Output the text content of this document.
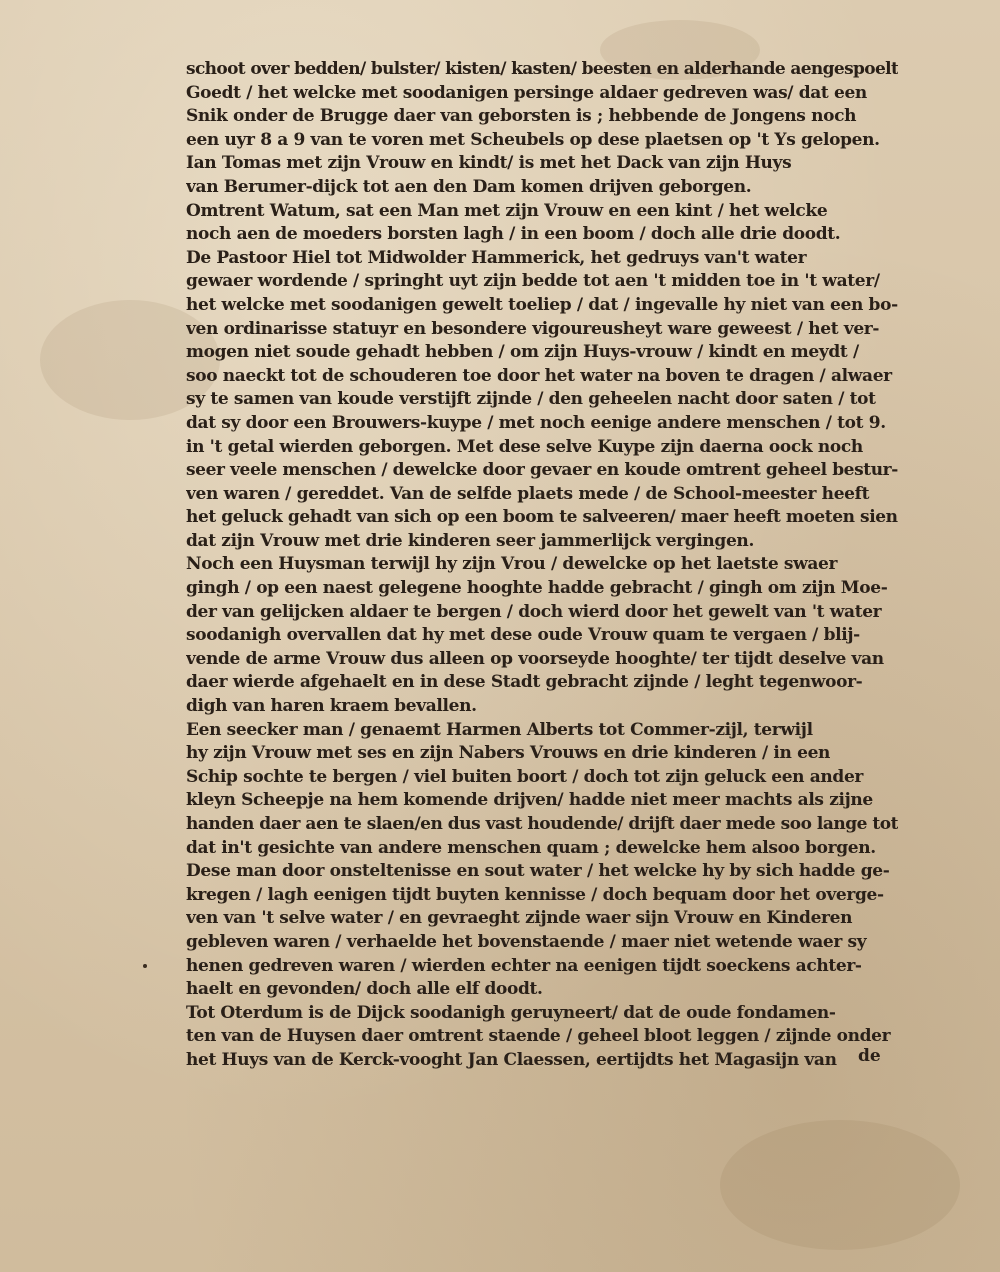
schoot over bedden/ bulster/ kisten/ kasten/ beesten en alderhande aengespoelt
Goedt / het welcke met soodanigen persinge aldaer gedreven was/ dat een
Snik onder de Brugge daer van geborsten is ; hebbende de Jongens noch
een uyr 8 a 9 van te voren met Scheubels op dese plaetsen op 't Ys gelopen.
Ian Tomas met zijn Vrouw en kindt/ is met het Dack van zijn Huys
van Berumer-dijck tot aen den Dam komen drijven geborgen.
Omtrent Watum, sat een Man met zijn Vrouw en een kint / het welcke
noch aen de moeders borsten lagh / in een boom / doch alle drie doodt.
De Pastoor Hiel tot Midwolder Hammerick, het gedruys van't water
gewaer wordende / springht uyt zijn bedde tot aen 't midden toe in 't water/
het welcke met soodanigen gewelt toeliep / dat / ingevalle hy niet van een bo-
ven ordinarisse statuyr en besondere vigoureusheyt ware geweest / het ver-
mogen niet soude gehadt hebben / om zijn Huys-vrouw / kindt en meydt /
soo naeckt tot de schouderen toe door het water na boven te dragen / alwaer
sy te samen van koude verstijft zijnde / den geheelen nacht door saten / tot
dat sy door een Brouwers-kuype / met noch eenige andere menschen / tot 9.
in 't getal wierden geborgen. Met dese selve Kuype zijn daerna oock noch
seer veele menschen / dewelcke door gevaer en koude omtrent geheel bestur-
ven waren / gereddet. Van de selfde plaets mede / de School-meester heeft
het geluck gehadt van sich op een boom te salveeren/ maer heeft moeten sien
dat zijn Vrouw met drie kinderen seer jammerlijck vergingen.
Noch een Huysman terwijl hy zijn Vrou / dewelcke op het laetste swaer
gingh / op een naest gelegene hooghte hadde gebracht / gingh om zijn Moe-
der van gelijcken aldaer te bergen / doch wierd door het gewelt van 't water
soodanigh overvallen dat hy met dese oude Vrouw quam te vergaen / blij-
vende de arme Vrouw dus alleen op voorseyde hooghte/ ter tijdt deselve van
daer wierde afgehaelt en in dese Stadt gebracht zijnde / leght tegenwoor-
digh van haren kraem bevallen.
Een seecker man / genaemt Harmen Alberts tot Commer-zijl, terwijl
hy zijn Vrouw met ses en zijn Nabers Vrouws en drie kinderen / in een
Schip sochte te bergen / viel buiten boort / doch tot zijn geluck een ander
kleyn Scheepje na hem komende drijven/ hadde niet meer machts als zijne
handen daer aen te slaen/en dus vast houdende/ drijft daer mede soo lange tot
dat in't gesichte van andere menschen quam ; dewelcke hem alsoo borgen.
Dese man door onsteltenisse en sout water / het welcke hy by sich hadde ge-
kregen / lagh eenigen tijdt buyten kennisse / doch bequam door het overge-
ven van 't selve water / en gevraeght zijnde waer sijn Vrouw en Kinderen
gebleven waren / verhaelde het bovenstaende / maer niet wetende waer sy
henen gedreven waren / wierden echter na eenigen tijdt soeckens achter-
haelt en gevonden/ doch alle elf doodt.
Tot Oterdum is de Dijck soodanigh geruyneert/ dat de oude fondamen-
ten van de Huysen daer omtrent staende / geheel bloot leggen / zijnde onder
het Huys van de Kerck-vooght Jan Claessen, eertijdts het Magasijn van	de
